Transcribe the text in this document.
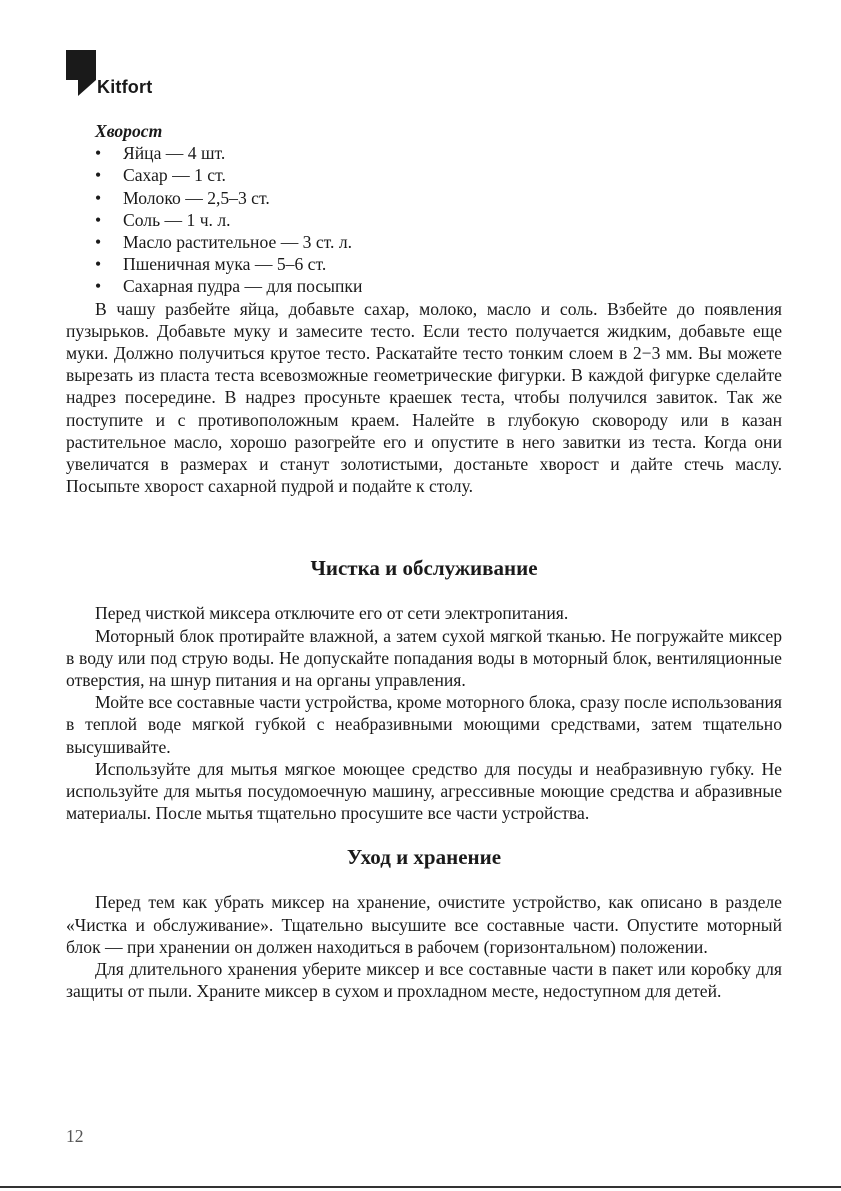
Kitfort
Хворост
• Яйца — 4 шт.
• Сахар — 1 ст.
• Молоко — 2,5–3 ст.
• Соль — 1 ч. л.
• Масло растительное — 3 ст. л.
• Пшеничная мука — 5–6 ст.
• Сахарная пудра — для посыпки

В чашу разбейте яйца, добавьте сахар, молоко, масло и соль. Взбейте до появления пузырьков. Добавьте муку и замесите тесто. Если тесто получается жидким, добавьте еще муки. Должно получиться крутое тесто. Раскатайте тесто тонким слоем в 2−3 мм. Вы можете вырезать из пласта теста всевозможные геометрические фигурки. В каждой фигурке сделайте надрез посередине. В надрез просуньте краешек теста, чтобы получился завиток. Так же поступите и с противоположным краем. Налейте в глубокую сковороду или в казан растительное масло, хорошо разогрейте его и опустите в него завитки из теста. Когда они увеличатся в размерах и станут золотистыми, достаньте хворост и дайте стечь маслу. Посыпьте хворост сахарной пудрой и подайте к столу.

Чистка и обслуживание

Перед чисткой миксера отключите его от сети электропитания.

Моторный блок протирайте влажной, а затем сухой мягкой тканью. Не погружайте миксер в воду или под струю воды. Не допускайте попадания воды в моторный блок, вентиляционные отверстия, на шнур питания и на органы управления.

Мойте все составные части устройства, кроме моторного блока, сразу после использования в теплой воде мягкой губкой с неабразивными моющими средствами, затем тщательно высушивайте.

Используйте для мытья мягкое моющее средство для посуды и неабразивную губку. Не используйте для мытья посудомоечную машину, агрессивные моющие средства и абразивные материалы. После мытья тщательно просушите все части устройства.

Уход и хранение

Перед тем как убрать миксер на хранение, очистите устройство, как описано в разделе «Чистка и обслуживание». Тщательно высушите все составные части. Опустите моторный блок — при хранении он должен находиться в рабочем (горизонтальном) положении.

Для длительного хранения уберите миксер и все составные части в пакет или коробку для защиты от пыли. Храните миксер в сухом и прохладном месте, недоступном для детей.

12
